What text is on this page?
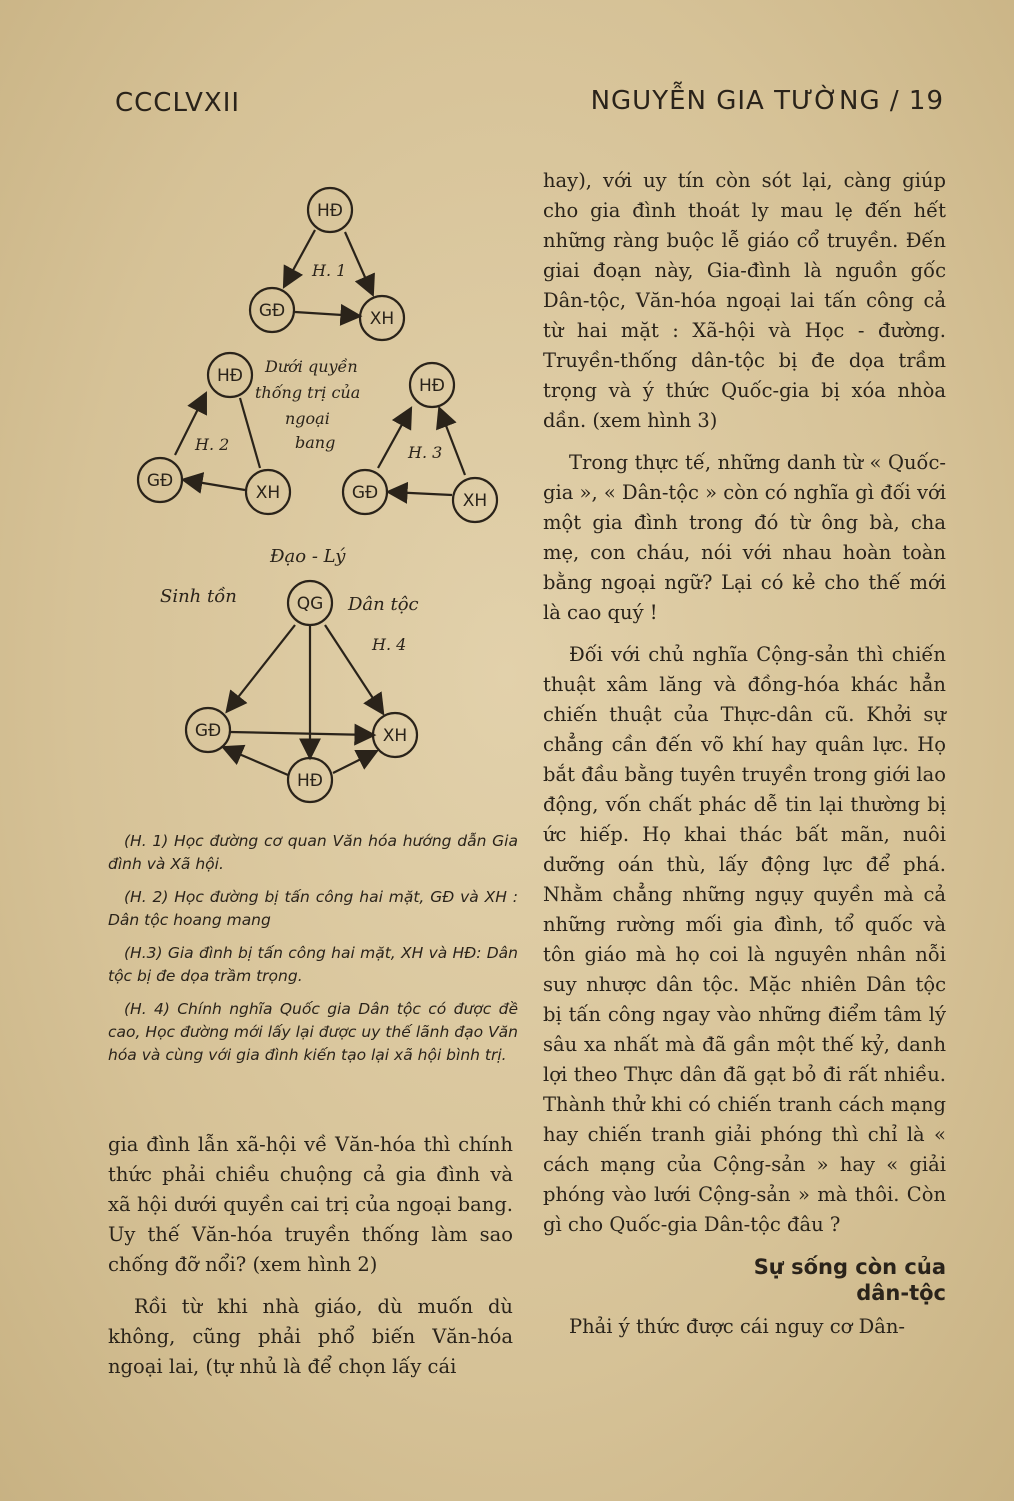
CCCLVXII	NGUYỄN GIA TƯỜNG / 19
HĐ
GĐ	XH
HĐ
GĐ
XH
HĐ
GĐ	XH
QG
GĐ	XH
HĐ
H. 1
H. 2	H. 3
H. 4
Dưới quyền
thống trị của
ngoại
bang
Đạo - Lý
Sinh tồn	Dân tộc

(H. 1) Học đường cơ quan Văn hóa hướng dẫn Gia đình và Xã hội.

(H. 2) Học đường bị tấn công hai mặt, GĐ và XH : Dân tộc hoang mang

(H.3) Gia đình bị tấn công hai mặt, XH và HĐ: Dân tộc bị đe dọa trầm trọng.

(H. 4) Chính nghĩa Quốc gia Dân tộc có được đề cao, Học đường mới lấy lại được uy thế lãnh đạo Văn hóa và cùng với gia đình kiến tạo lại xã hội bình trị.

gia đình lẫn xã-hội về Văn-hóa thì chính thức phải chiều chuộng cả gia đình và xã hội dưới quyền cai trị của ngoại bang. Uy thế Văn-hóa truyền thống làm sao chống đỡ nổi? (xem hình 2)

Rồi từ khi nhà giáo, dù muốn dù không, cũng phải phổ biến Văn-hóa ngoại lai, (tự nhủ là để chọn lấy cái

hay), với uy tín còn sót lại, càng giúp cho gia đình thoát ly mau lẹ đến hết những ràng buộc lễ giáo cổ truyền. Đến giai đoạn này, Gia-đình là nguồn gốc Dân-tộc, Văn-hóa ngoại lai tấn công cả từ hai mặt : Xã-hội và Học - đường. Truyền-thống dân-tộc bị đe dọa trầm trọng và ý thức Quốc-gia bị xóa nhòa dần. (xem hình 3)

Trong thực tế, những danh từ « Quốc-gia », « Dân-tộc » còn có nghĩa gì đối với một gia đình trong đó từ ông bà, cha mẹ, con cháu, nói với nhau hoàn toàn bằng ngoại ngữ? Lại có kẻ cho thế mới là cao quý !

Đối với chủ nghĩa Cộng-sản thì chiến thuật xâm lăng và đồng-hóa khác hẳn chiến thuật của Thực-dân cũ. Khởi sự chẳng cần đến võ khí hay quân lực. Họ bắt đầu bằng tuyên truyền trong giới lao động, vốn chất phác dễ tin lại thường bị ức hiếp. Họ khai thác bất mãn, nuôi dưỡng oán thù, lấy động lực để phá. Nhằm chẳng những ngụy quyền mà cả những rường mối gia đình, tổ quốc và tôn giáo mà họ coi là nguyên nhân nỗi suy nhược dân tộc. Mặc nhiên Dân tộc bị tấn công ngay vào những điểm tâm lý sâu xa nhất mà đã gần một thế kỷ, danh lợi theo Thực dân đã gạt bỏ đi rất nhiều. Thành thử khi có chiến tranh cách mạng hay chiến tranh giải phóng thì chỉ là « cách mạng của Cộng-sản » hay « giải phóng vào lưới Cộng-sản » mà thôi. Còn gì cho Quốc-gia Dân-tộc đâu ?

Sự sống còn của
dân-tộc

Phải ý thức được cái nguy cơ Dân-
